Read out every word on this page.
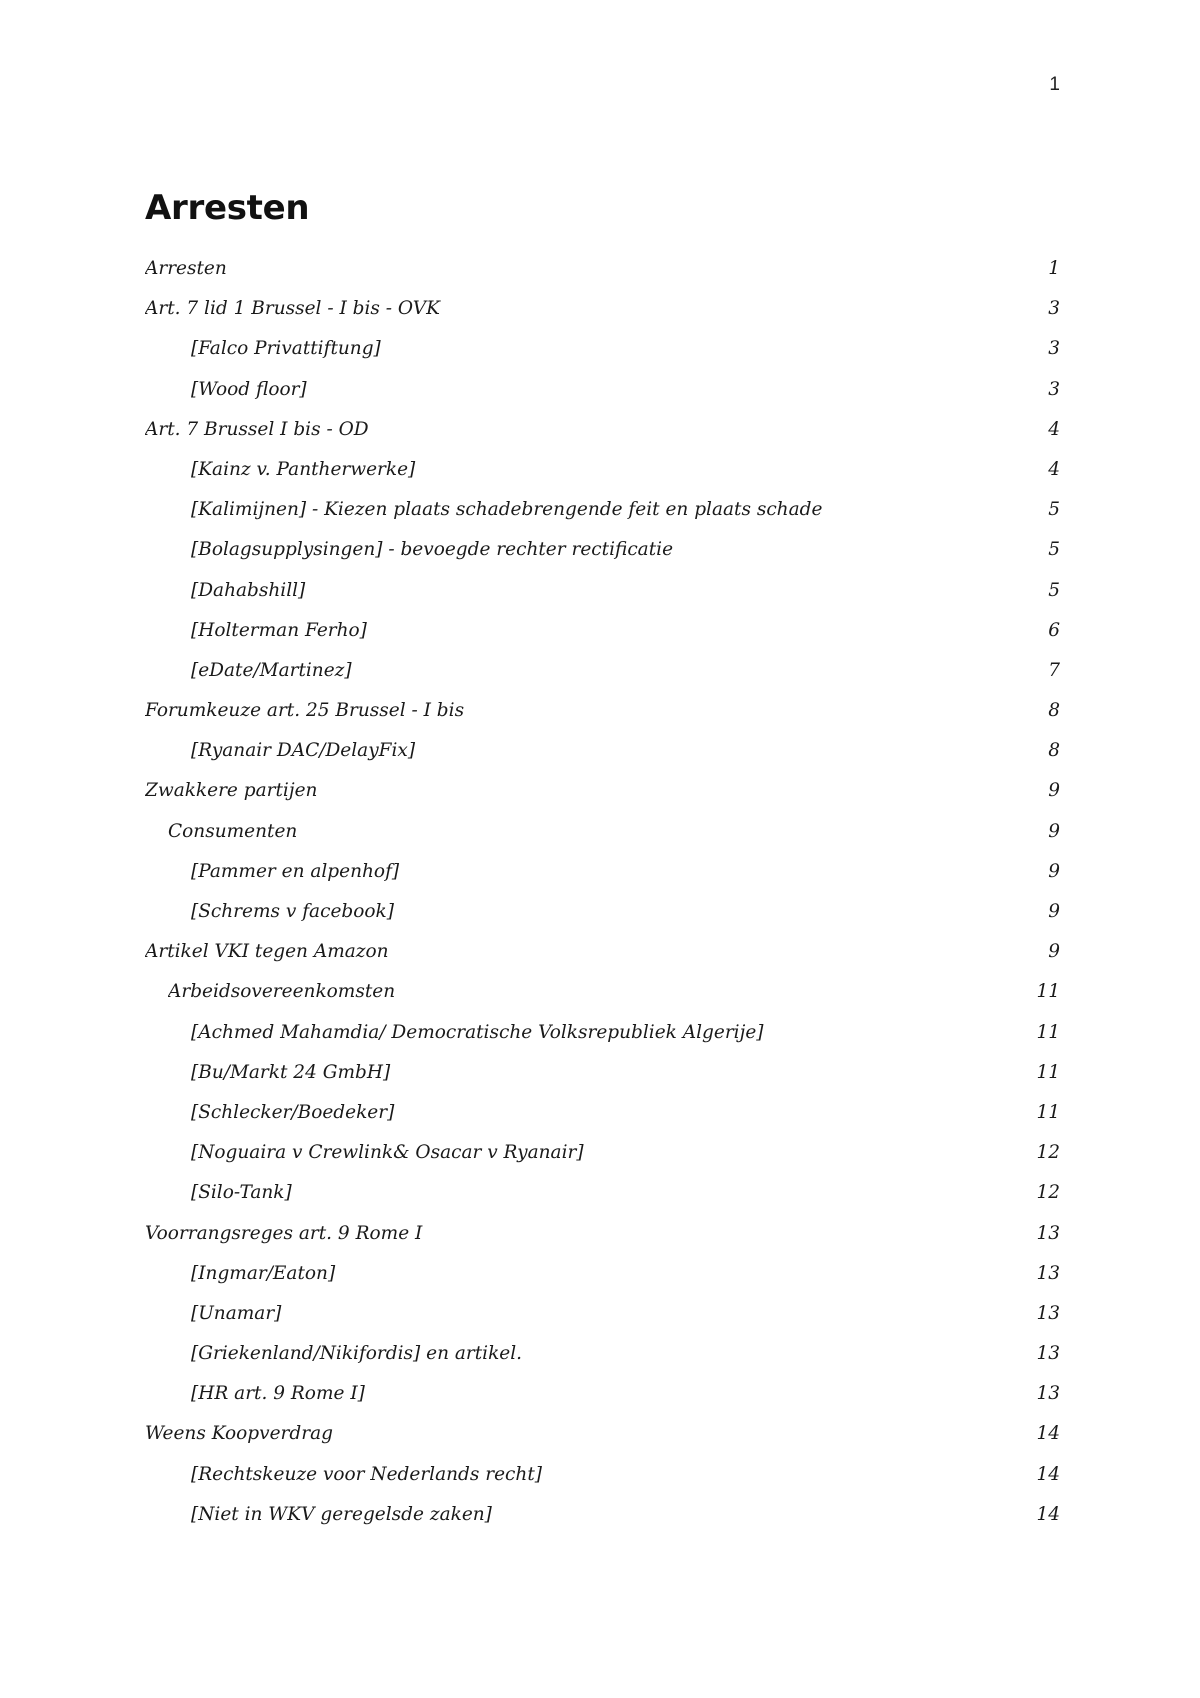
1
Arresten
Arresten	1
Art. 7 lid 1 Brussel - I bis - OVK	3
[Falco Privattiftung]	3
[Wood floor]	3
Art. 7 Brussel I bis - OD	4
[Kainz v. Pantherwerke]	4
[Kalimijnen] - Kiezen plaats schadebrengende feit en plaats schade	5
[Bolagsupplysingen] - bevoegde rechter rectificatie	5
[Dahabshill]	5
[Holterman Ferho]	6
[eDate/Martinez]	7
Forumkeuze art. 25 Brussel - I bis	8
[Ryanair DAC/DelayFix]	8
Zwakkere partijen	9
Consumenten	9
[Pammer en alpenhof]	9
[Schrems v facebook]	9
Artikel VKI tegen Amazon	9
Arbeidsovereenkomsten	11
[Achmed Mahamdia/ Democratische Volksrepubliek Algerije]	11
[Bu/Markt 24 GmbH]	11
[Schlecker/Boedeker]	11
[Noguaira v Crewlink& Osacar v Ryanair]	12
[Silo-Tank]	12
Voorrangsreges art. 9 Rome I	13
[Ingmar/Eaton]	13
[Unamar]	13
[Griekenland/Nikifordis] en artikel.	13
[HR art. 9 Rome I]	13
Weens Koopverdrag	14
[Rechtskeuze voor Nederlands recht]	14
[Niet in WKV geregelsde zaken]	14
